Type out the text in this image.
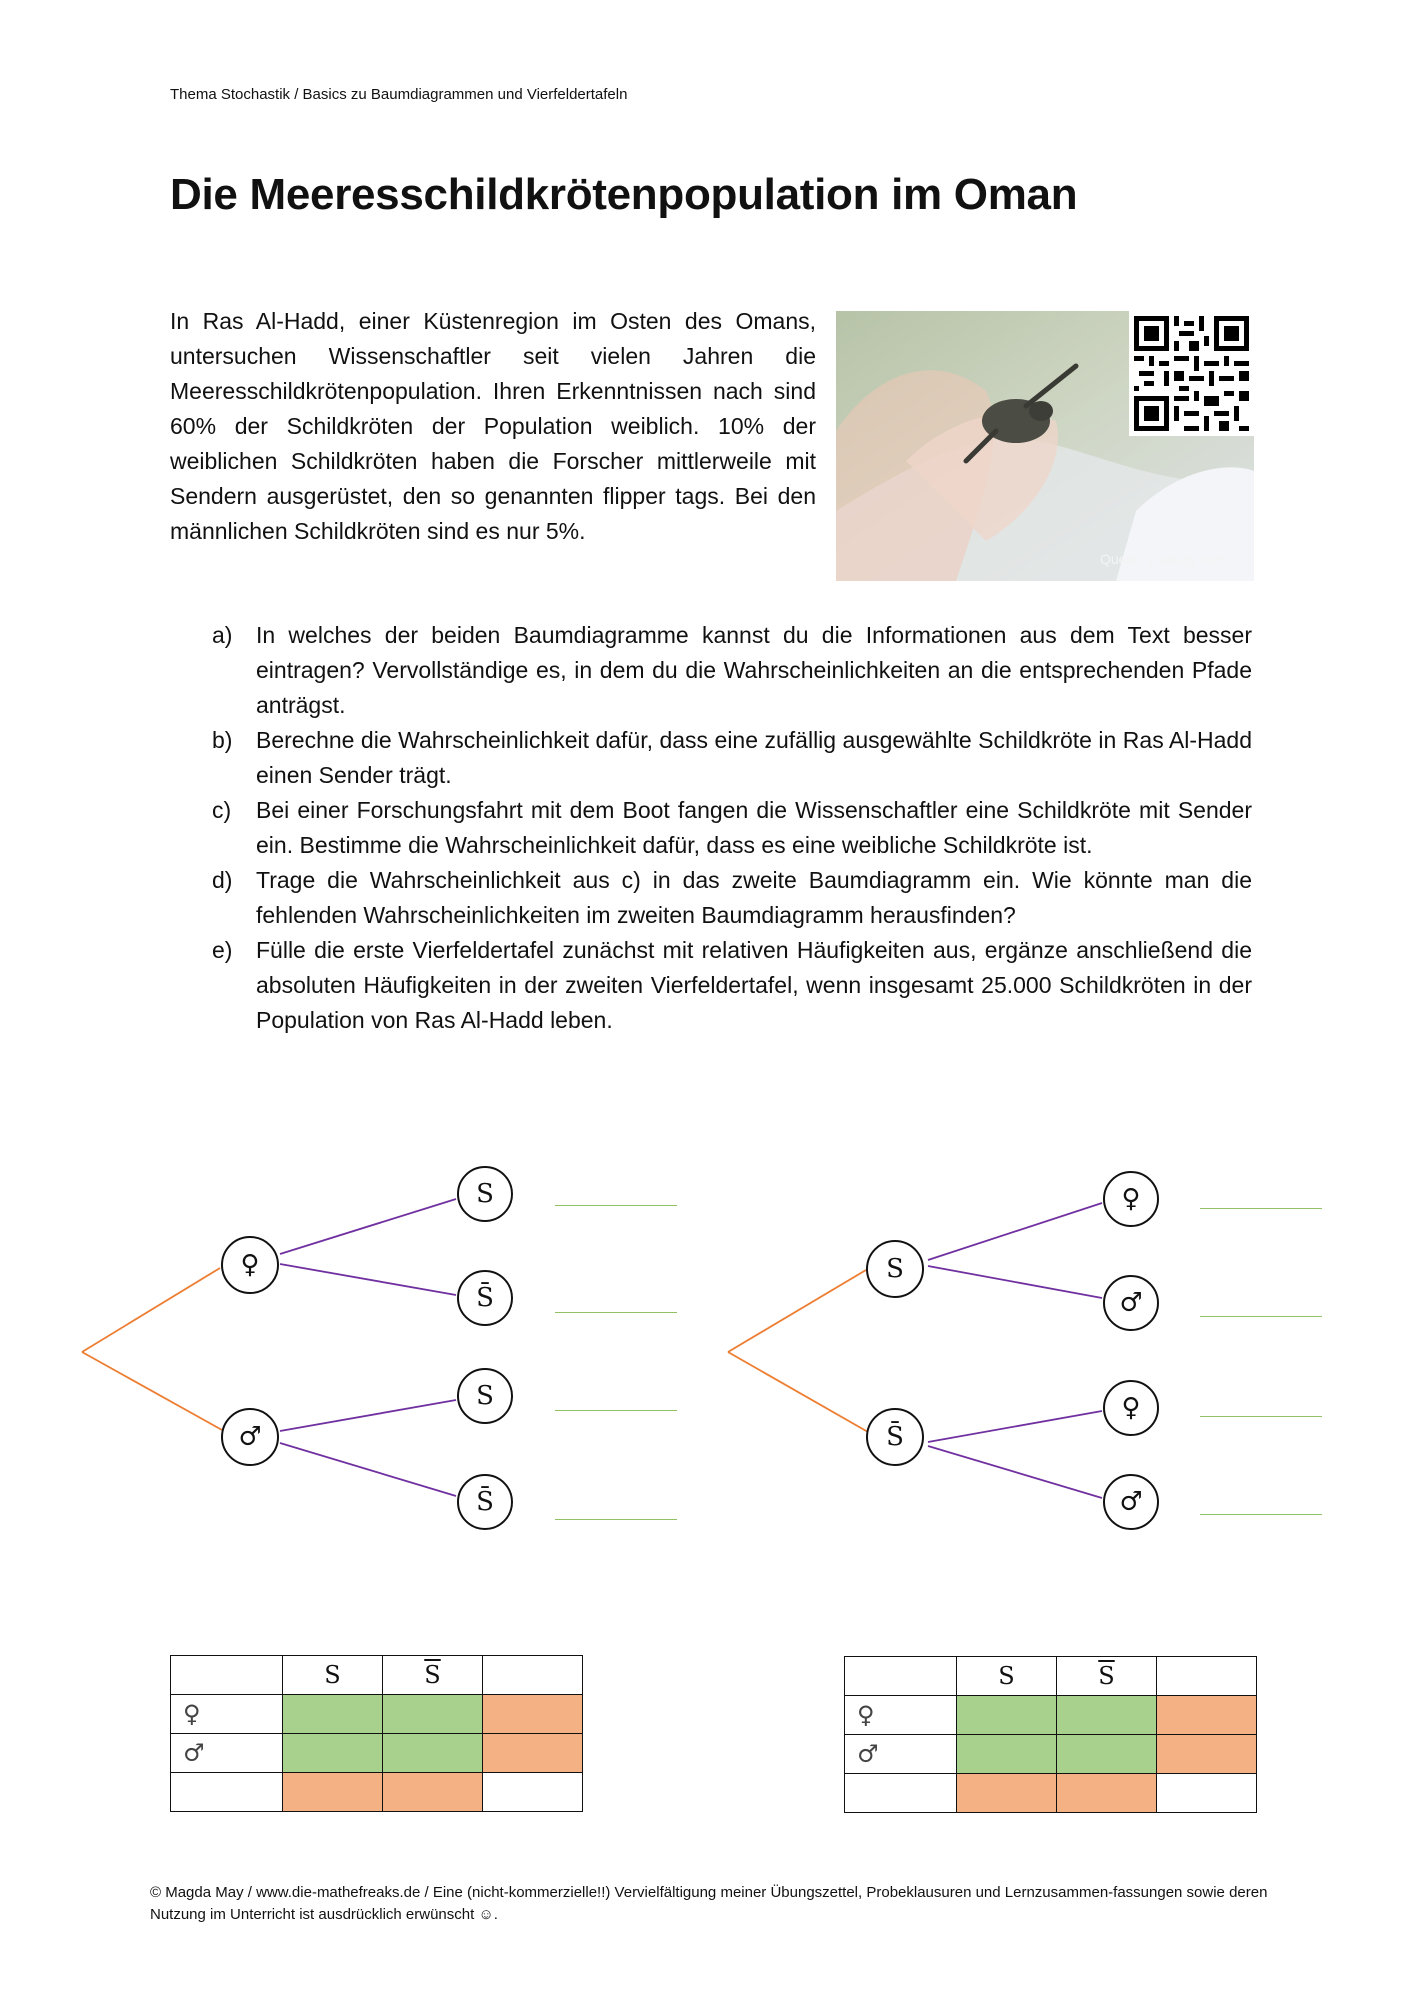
Thema Stochastik / Basics zu Baumdiagrammen und Vierfeldertafeln
Die Meeresschildkrötenpopulation im Oman

In Ras Al-Hadd, einer Küstenregion im Osten des Omans, untersuchen Wissenschaftler seit vielen Jahren die Meeresschildkrötenpopulation. Ihren Erkenntnissen nach sind 60% der Schildkröten der Population weiblich. 10% der weiblichen Schildkröten haben die Forscher mittlerweile mit Sendern ausgerüstet, den so genannten flipper tags. Bei den männlichen Schildkröten sind es nur 5%.

Quelle: pixabay.com
a) In welches der beiden Baumdiagramme kannst du die Informationen aus dem Text besser eintragen? Vervollständige es, in dem du die Wahrscheinlichkeiten an die entsprechenden Pfade anträgst.
b) Berechne die Wahrscheinlichkeit dafür, dass eine zufällig ausgewählte Schildkröte in Ras Al-Hadd einen Sender trägt.
c) Bei einer Forschungsfahrt mit dem Boot fangen die Wissenschaftler eine Schildkröte mit Sender ein. Bestimme die Wahrscheinlichkeit dafür, dass es eine weibliche Schildkröte ist.
d) Trage die Wahrscheinlichkeit aus c) in das zweite Baumdiagramm ein. Wie könnte man die fehlenden Wahrscheinlichkeiten im zweiten Baumdiagramm herausfinden?
e) Fülle die erste Vierfeldertafel zunächst mit relativen Häufigkeiten aus, ergänze anschließend die absoluten Häufigkeiten in der zweiten Vierfeldertafel, wenn insgesamt 25.000 Schildkröten in der Population von Ras Al-Hadd leben.
♀
♂
S
S̄
S
S̄
S
S̄
♀
♂
♀
♂
	S	$\overline{S}$	
♀			
♂			

	S	$\overline{S}$	
♀			
♂			

© Magda May / www.die-mathefreaks.de / Eine (nicht-kommerzielle!!) Vervielfältigung meiner Übungszettel, Probeklausuren und Lernzusammen-fassungen sowie deren Nutzung im Unterricht ist ausdrücklich erwünscht ☺.
